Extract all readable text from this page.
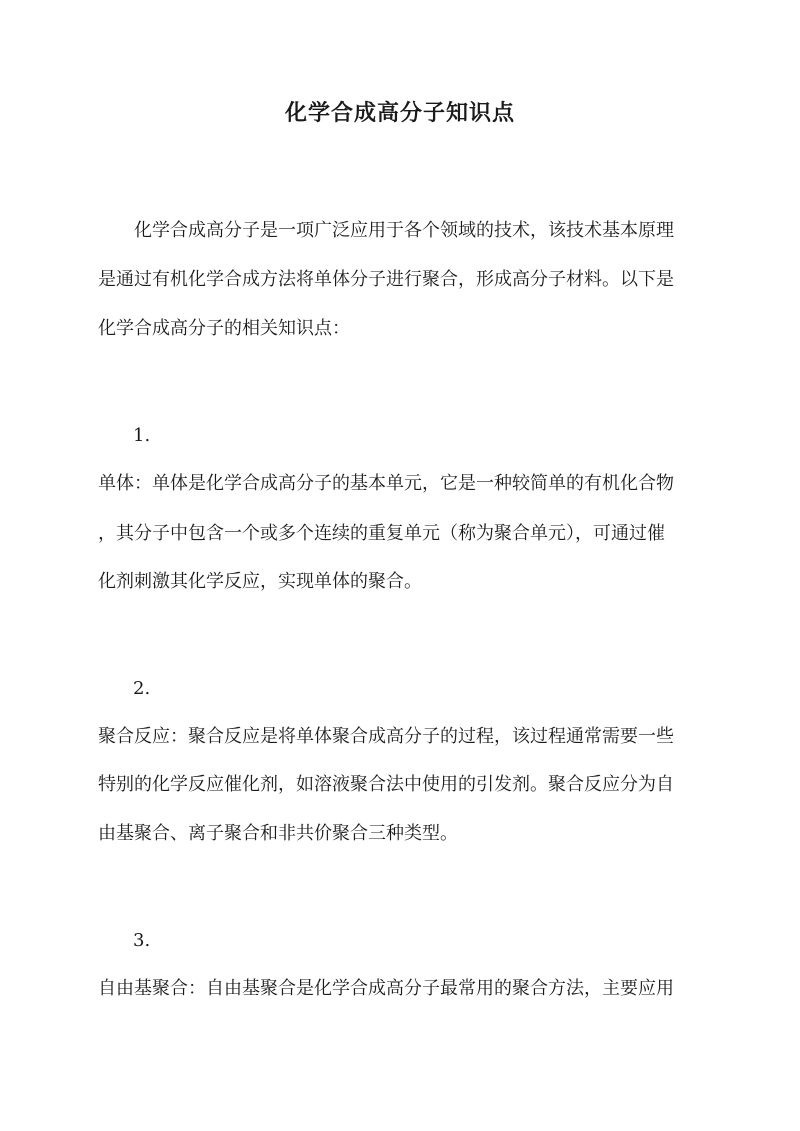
化学合成高分子知识点

化学合成高分子是一项广泛应用于各个领域的技术，该技术基本原理

是通过有机化学合成方法将单体分子进行聚合，形成高分子材料。以下是

化学合成高分子的相关知识点：

1.

单体：单体是化学合成高分子的基本单元，它是一种较简单的有机化合物

，其分子中包含一个或多个连续的重复单元（称为聚合单元），可通过催

化剂刺激其化学反应，实现单体的聚合。

2.

聚合反应：聚合反应是将单体聚合成高分子的过程，该过程通常需要一些

特别的化学反应催化剂，如溶液聚合法中使用的引发剂。聚合反应分为自

由基聚合、离子聚合和非共价聚合三种类型。

3.

自由基聚合：自由基聚合是化学合成高分子最常用的聚合方法，主要应用
